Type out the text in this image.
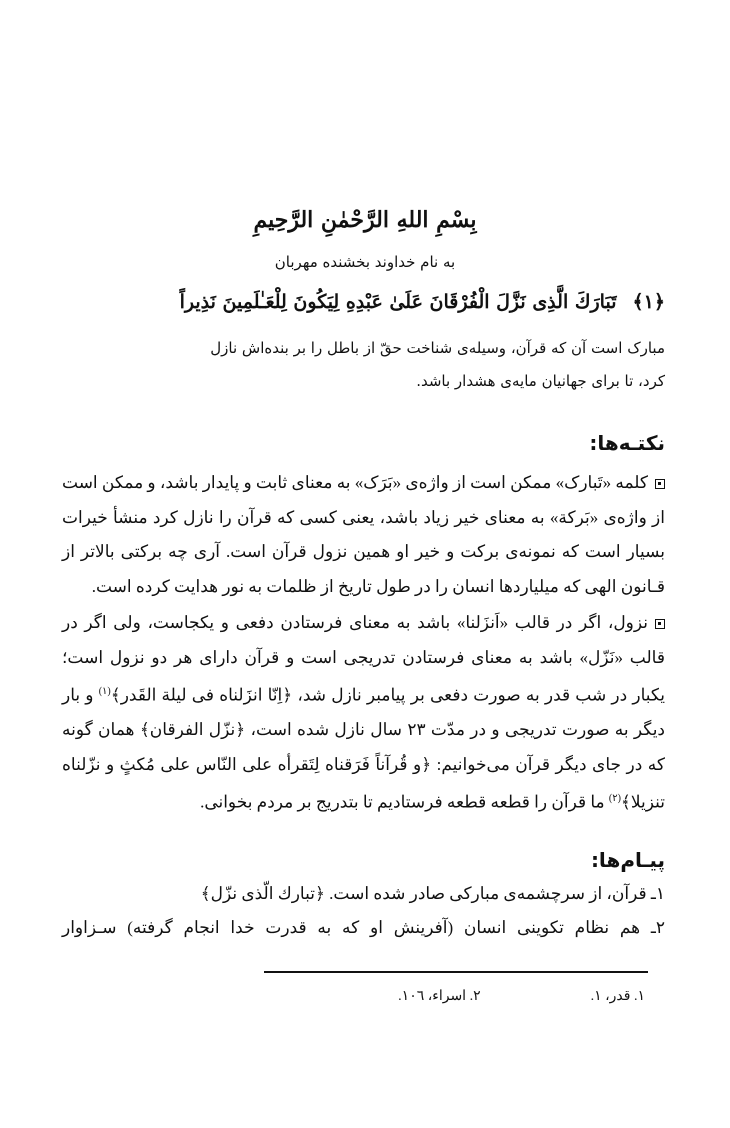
بِسْمِ اللهِ الرَّحْمٰنِ الرَّحِيمِ
به نام خداوند بخشنده مهربان
﴿١﴾تَبَارَكَ الَّذِى نَزَّلَ الْفُرْقَانَ عَلَىٰ عَبْدِهِ لِيَكُونَ لِلْعَـٰلَمِينَ نَذِيراً
مبارک است آن که قرآن، وسیله‌ی شناخت حقّ از باطل را بر بنده‌اش نازل کرد، تا برای جهانیان مایه‌ی هشدار باشد.
نکتـه‌ها:

کلمه «تَبارک» ممکن است از واژه‌ی «بَرَک» به معنای ثابت و پایدار باشد، و ممکن است از واژه‌ی «بَرکة» به معنای خیر زیاد باشد، یعنی کسی که قرآن را نازل کرد منشأ خیرات بسیار است که نمونه‌ی برکت و خیر او همین نزول قرآن است. آری چه برکتی بالاتر از قـانون الهی که میلیاردها انسان را در طول تاریخ از ظلمات به نور هدایت کرده است.

نزول، اگر در قالب «اَنزَلنا» باشد به معنای فرستادن دفعی و یکجاست، ولی اگر در قالب «نَزّل» باشد به معنای فرستادن تدریجی است و قرآن دارای هر دو نزول است؛ یکبار در شب قدر به صورت دفعی بر پیامبر نازل شد، ﴿اِنّا انزَلناه فی لیلة القَدر﴾$^{(١)}$ و بار دیگر به صورت تدریجی و در مدّت ٢٣ سال نازل شده است، ﴿نزّل الفرقان﴾ همان گونه که در جای دیگر قرآن می‌خوانیم: ﴿و قُرآناً فَرَقناه لِتَقرأه علی النّاس علی مُکثٍ و نزّلناه تنزیلا﴾$^{(٢)}$ ما قرآن را قطعه قطعه فرستادیم تا بتدریج بر مردم بخوانی.

پیـام‌ها:
١ـ قرآن، از سرچشمه‌ی مبارکی صادر شده است. ﴿تبارك الّذی نزّل﴾
٢ـ هم نظام تکوینی انسان (آفرینش او که به قدرت خدا انجام گرفته) سـزاوار
١. قدر، ١.
٢. اسراء، ١٠٦.
